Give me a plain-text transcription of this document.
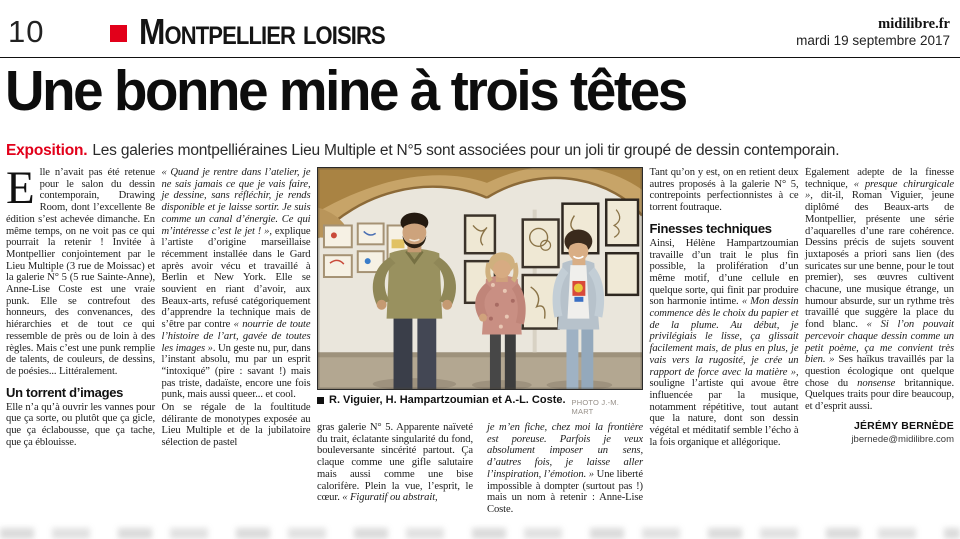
10	Montpellier loisirs	midilibre.fr
mardi 19 septembre 2017
Une bonne mine à trois têtes

Exposition. Les galeries montpelliéraines Lieu Multiple et N°5 sont associées pour un joli tir groupé de dessin contemporain.

Elle n’avait pas été retenue pour le salon du dessin contemporain, Drawing Room, dont l’excellente 8e édition s’est achevée dimanche. En même temps, on ne voit pas ce qui pourrait la retenir ! Invitée à Montpellier conjointement par le Lieu Multiple (3 rue de Moissac) et la galerie N° 5 (5 rue Sainte-Anne), Anne-Lise Coste est une vraie punk. Elle se contrefout des honneurs, des convenances, des hiérarchies et de tout ce qui ressemble de près ou de loin à des règles. Mais c’est une punk remplie de talents, de couleurs, de dessins, de poésies... Littéralement.

Un torrent d’images

Elle n’a qu’à ouvrir les vannes pour que ça sorte, ou plutôt que ça gicle, que ça éclabousse, que ça tache, que ça éblouisse.

« Quand je rentre dans l’atelier, je ne sais jamais ce que je vais faire, je dessine, sans réfléchir, je rends disponible et je laisse sortir. Je suis comme un canal d’énergie. Ce qui m’intéresse c’est le jet ! », explique l’artiste d’origine marseillaise récemment installée dans le Gard après avoir vécu et travaillé à Berlin et New York. Elle se souvient en riant d’avoir, aux Beaux-arts, refusé catégoriquement d’apprendre la technique mais de s’être par contre « nourrie de toute l’histoire de l’art, gavée de toutes les images ». Un geste nu, pur, dans l’instant absolu, mu par un esprit “intoxiqué” (pire : savant !) mais pas triste, dadaïste, encore une fois punk, mais aussi queer... et cool.

On se régale de la foultitude délirante de monotypes exposée au Lieu Multiple et de la jubilatoire sélection de pastel

R. Viguier, H. Hampartzoumian et A.-L. Coste. PHOTO J.-M. MART

gras galerie N° 5. Apparente naïveté du trait, éclatante singularité du fond, bouleversante sincérité partout. Ça claque comme une gifle salutaire mais aussi comme une bise calorifère. Plein la vue, l’esprit, le cœur. « Figuratif ou abstrait,

je m’en fiche, chez moi la frontière est poreuse. Parfois je veux absolument imposer un sens, d’autres fois, je laisse aller l’inspiration, l’émotion. » Une liberté impossible à dompter (surtout pas !) mais un nom à retenir : Anne-Lise Coste.

Tant qu’on y est, on en retient deux autres proposés à la galerie N° 5, contrepoints perfectionnistes à ce torrent foutraque.

Finesses techniques

Ainsi, Hélène Hampartzoumian travaille d’un trait le plus fin possible, la prolifération d’un même motif, d’une cellule en quelque sorte, qui finit par produire son harmonie intime. « Mon dessin commence dès le choix du papier et de la plume. Au début, je privilégiais le lisse, ça glissait facilement mais, de plus en plus, je vais vers la rugosité, je crée un rapport de force avec la matière », souligne l’artiste qui avoue être influencée par la musique, notamment répétitive, tout autant que la nature, dont son dessin végétal et méditatif semble l’écho à la fois organique et allégorique.

Également adepte de la finesse technique, « presque chirurgicale », dit-il, Roman Viguier, jeune diplômé des Beaux-arts de Montpellier, présente une série d’aquarelles d’une rare cohérence. Dessins précis de sujets souvent juxtaposés a priori sans lien (des suricates sur une benne, pour le tout premier), ses œuvres cultivent chacune, une musique étrange, un humour absurde, sur un rythme très travaillé que suggère la place du fond blanc. « Si l’on pouvait percevoir chaque dessin comme un petit poème, ça me convient très bien. » Ses haïkus travaillés par la question écologique ont quelque chose du nonsense britannique. Quelques traits pour dire beaucoup, et d’esprit aussi.

JÉRÉMY BERNÈDE
jbernede@midilibre.com
